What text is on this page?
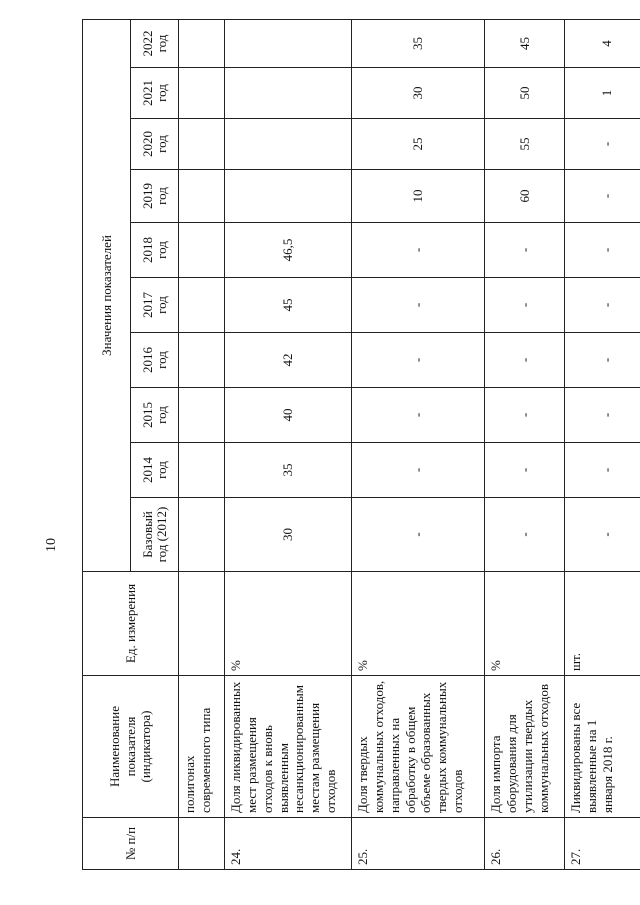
10
№ п/п	Наименование показателя (индикатора)	Ед. измерения	Значения показателей									
			Базовый год (2012)	2014 год	2015 год	2016 год	2017 год	2018 год	2019 год	2020 год	2021 год	2022 год
	полигонах современного типа											
24.	Доля ликвидированных мест размещения отходов к вновь выявленным несанкционированным местам размещения отходов	%	30	35	40	42	45	46,5				
25.	Доля твердых коммунальных отходов, направленных на обработку в общем объеме образованных твердых коммунальных отходов	%	-	-	-	-	-	-	10	25	30	35
26.	Доля импорта оборудования для утилизации твердых коммунальных отходов	%	-	-	-	-	-	-	60	55	50	45
27.	Ликвидированы все выявленные на 1 января 2018 г.	шт.	-	-	-	-	-	-	-	-	1	4
